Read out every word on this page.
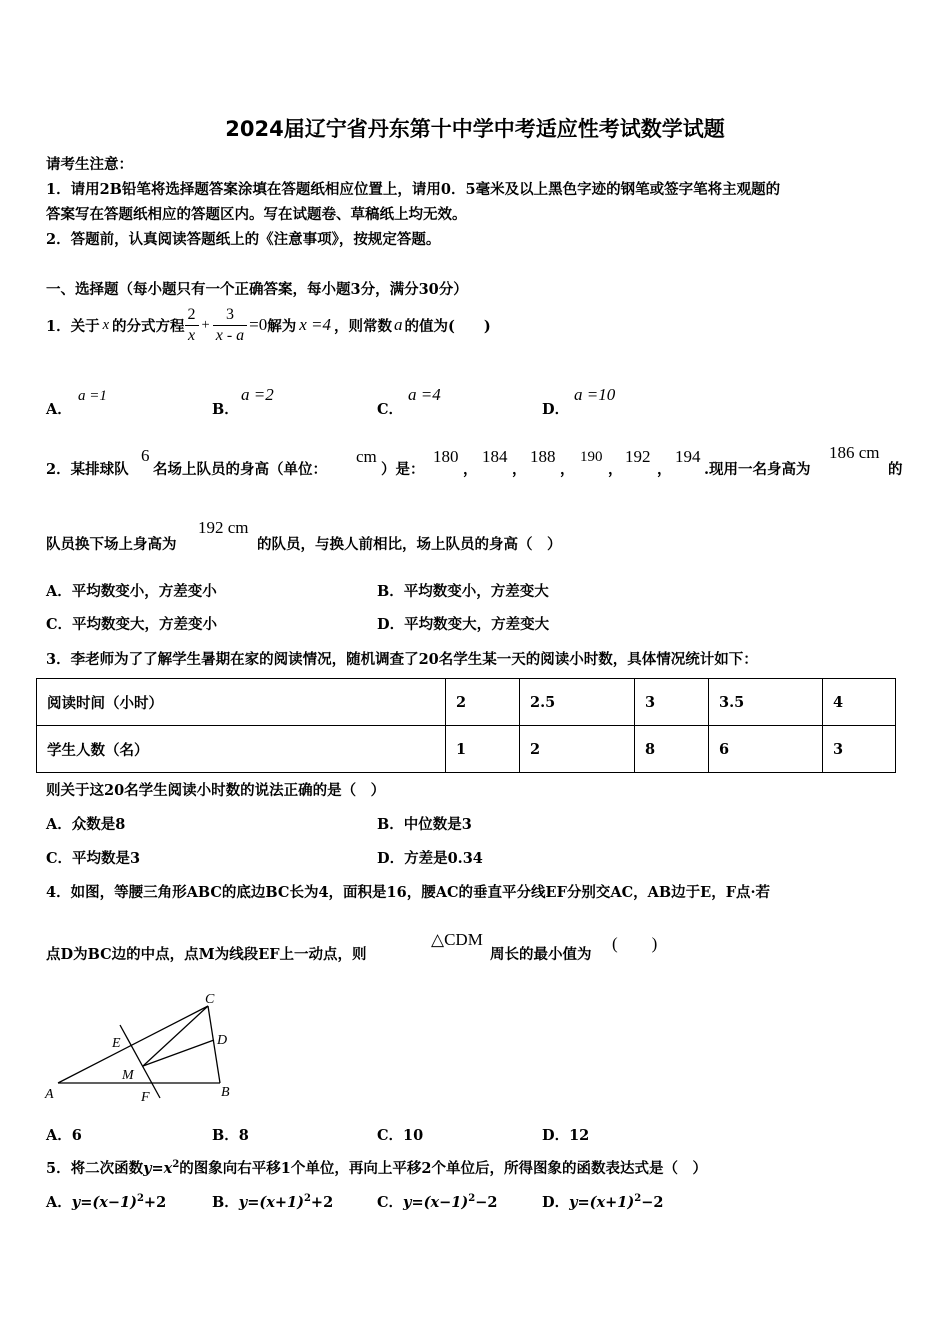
2024届辽宁省丹东第十中学中考适应性考试数学试题
请考生注意：
1．请用2B铅笔将选择题答案涂填在答题纸相应位置上，请用0．5毫米及以上黑色字迹的钢笔或签字笔将主观题的
答案写在答题纸相应的答题区内。写在试题卷、草稿纸上均无效。
2．答题前，认真阅读答题纸上的《注意事项》，按规定答题。
一、选择题（每小题只有一个正确答案，每小题3分，满分30分）
1．关于 x 的分式方程 $\frac{2}{x} + \frac{3}{x - a} =0$ 解为 x =4 ，则常数 a 的值为(　　)
A．
a =1
B．
a =2
C．
a =4
D．
a =10
2．某排球队
6
名场上队员的身高（单位：
cm
）是：
180
，
184
，
188
，
190
，
192
，
194
.现用一名身高为
186 cm
的
队员换下场上身高为
192 cm
的队员，与换人前相比，场上队员的身高（　）
A．平均数变小，方差变小	B．平均数变小，方差变大
C．平均数变大，方差变小	D．平均数变大，方差变大
3．李老师为了了解学生暑期在家的阅读情况，随机调查了20名学生某一天的阅读小时数，具体情况统计如下：
阅读时间（小时）	2	2.5	3	3.5	4
学生人数（名）	1	2	8	6	3
则关于这20名学生阅读小时数的说法正确的是（　）
A．众数是8	B．中位数是3
C．平均数是3	D．方差是0.34
4．如图，等腰三角形ABC的底边BC长为4，面积是16，腰AC的垂直平分线EF分别交AC，AB边于E，F点·若
点D为BC边的中点，点M为线段EF上一动点，则
△CDM
周长的最小值为
(　　)
A	B
C
D
E
F
M
A．6	B．8	C．10	D．12
5．将二次函数$y=x^2$的图象向右平移1个单位，再向上平移2个单位后，所得图象的函数表达式是（　）
A．$y=(x-1)^2+2$	B．$y=(x+1)^2+2$	C．$y=(x-1)^2-2$	D．$y=(x+1)^2-2$
